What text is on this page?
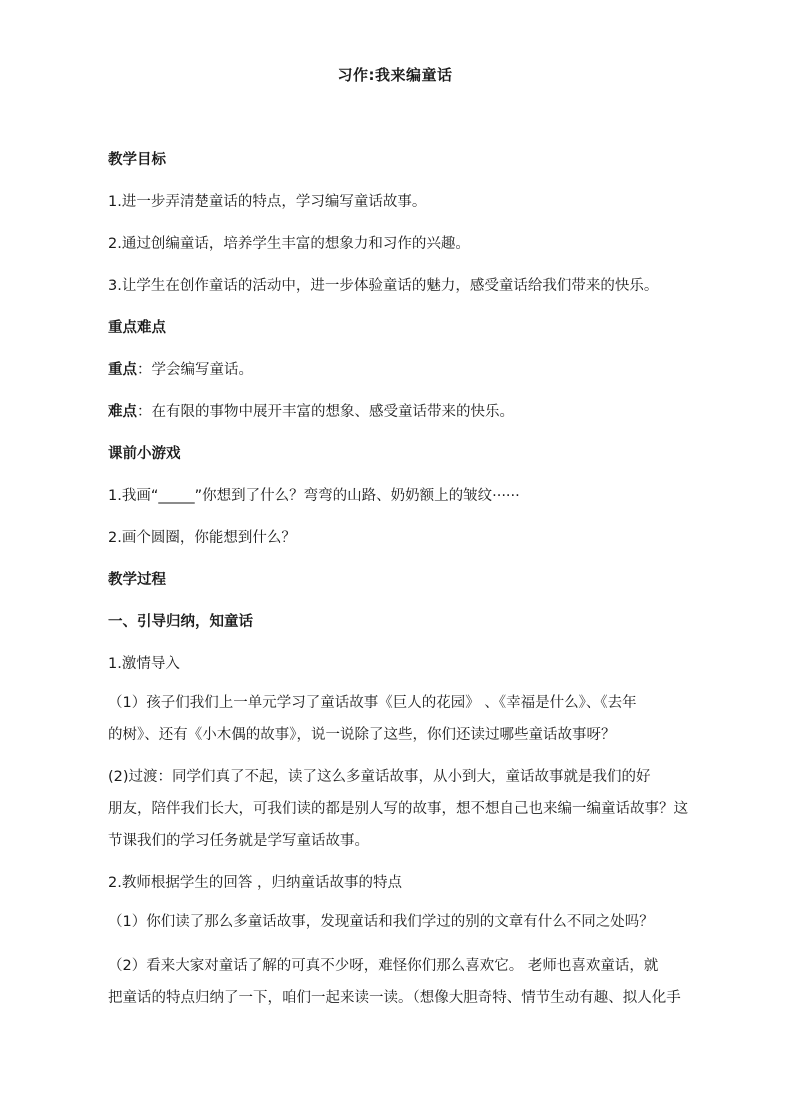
习作:我来编童话
教学目标
1.进一步弄清楚童话的特点，学习编写童话故事。
2.通过创编童话，培养学生丰富的想象力和习作的兴趣。
3.让学生在创作童话的活动中，进一步体验童话的魅力，感受童话给我们带来的快乐。
重点难点
重点：学会编写童话。
难点：在有限的事物中展开丰富的想象、感受童话带来的快乐。
课前小游戏
1.我画“_____”你想到了什么？弯弯的山路、奶奶额上的皱纹······
2.画个圆圈，你能想到什么？
教学过程
一、引导归纳，知童话
1.激情导入
（1）孩子们我们上一单元学习了童话故事《巨人的花园》 、《幸福是什么》、《去年
的树》、还有《小木偶的故事》，说一说除了这些，你们还读过哪些童话故事呀？
(2)过渡：同学们真了不起，读了这么多童话故事，从小到大，童话故事就是我们的好
朋友，陪伴我们长大，可我们读的都是别人写的故事，想不想自己也来编一编童话故事？这
节课我们的学习任务就是学写童话故事。
2.教师根据学生的回答 ，归纳童话故事的特点
（1）你们读了那么多童话故事，发现童话和我们学过的别的文章有什么不同之处吗？
（2）看来大家对童话了解的可真不少呀，难怪你们那么喜欢它。 老师也喜欢童话，就
把童话的特点归纳了一下，咱们一起来读一读。（想像大胆奇特、情节生动有趣、拟人化手
